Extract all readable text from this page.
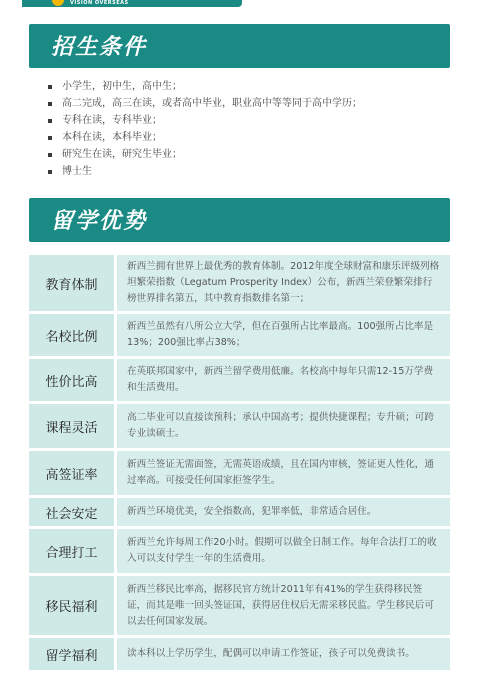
VISION OVERSEAS
招生条件
小学生，初中生，高中生；
高二完成，高三在读，或者高中毕业，职业高中等等同于高中学历；
专科在读，专科毕业；
本科在读，本科毕业；
研究生在读，研究生毕业；
博士生
留学优势
教育体制
新西兰拥有世界上最优秀的教育体制。2012年度全球财富和康乐评级列格坦繁荣指数（Legatum Prosperity Index）公布，新西兰荣登繁荣排行榜世界排名第五，其中教育指数排名第一；
名校比例
新西兰虽然有八所公立大学，但在百强所占比率最高。100强所占比率是13%；200强比率占38%；
性价比高
在英联邦国家中，新西兰留学费用低廉。名校高中每年只需12-15万学费和生活费用。
课程灵活
高二毕业可以直接读预科；承认中国高考；提供快捷课程；专升硕；可跨专业读硕士。
高签证率
新西兰签证无需面签，无需英语成绩，且在国内审核，签证更人性化，通过率高。可接受任何国家拒签学生。
社会安定	新西兰环境优美，安全指数高，犯罪率低，非常适合居住。
合理打工
新西兰允许每周工作20小时。假期可以做全日制工作。每年合法打工的收入可以支付学生一年的生活费用。
移民福利
新西兰移民比率高，据移民官方统计2011年有41%的学生获得移民签证，而其是唯一回头签证国，获得居住权后无需采移民监。学生移民后可以去任何国家发展。
留学福利	读本科以上学历学生，配偶可以申请工作签证，孩子可以免费读书。
